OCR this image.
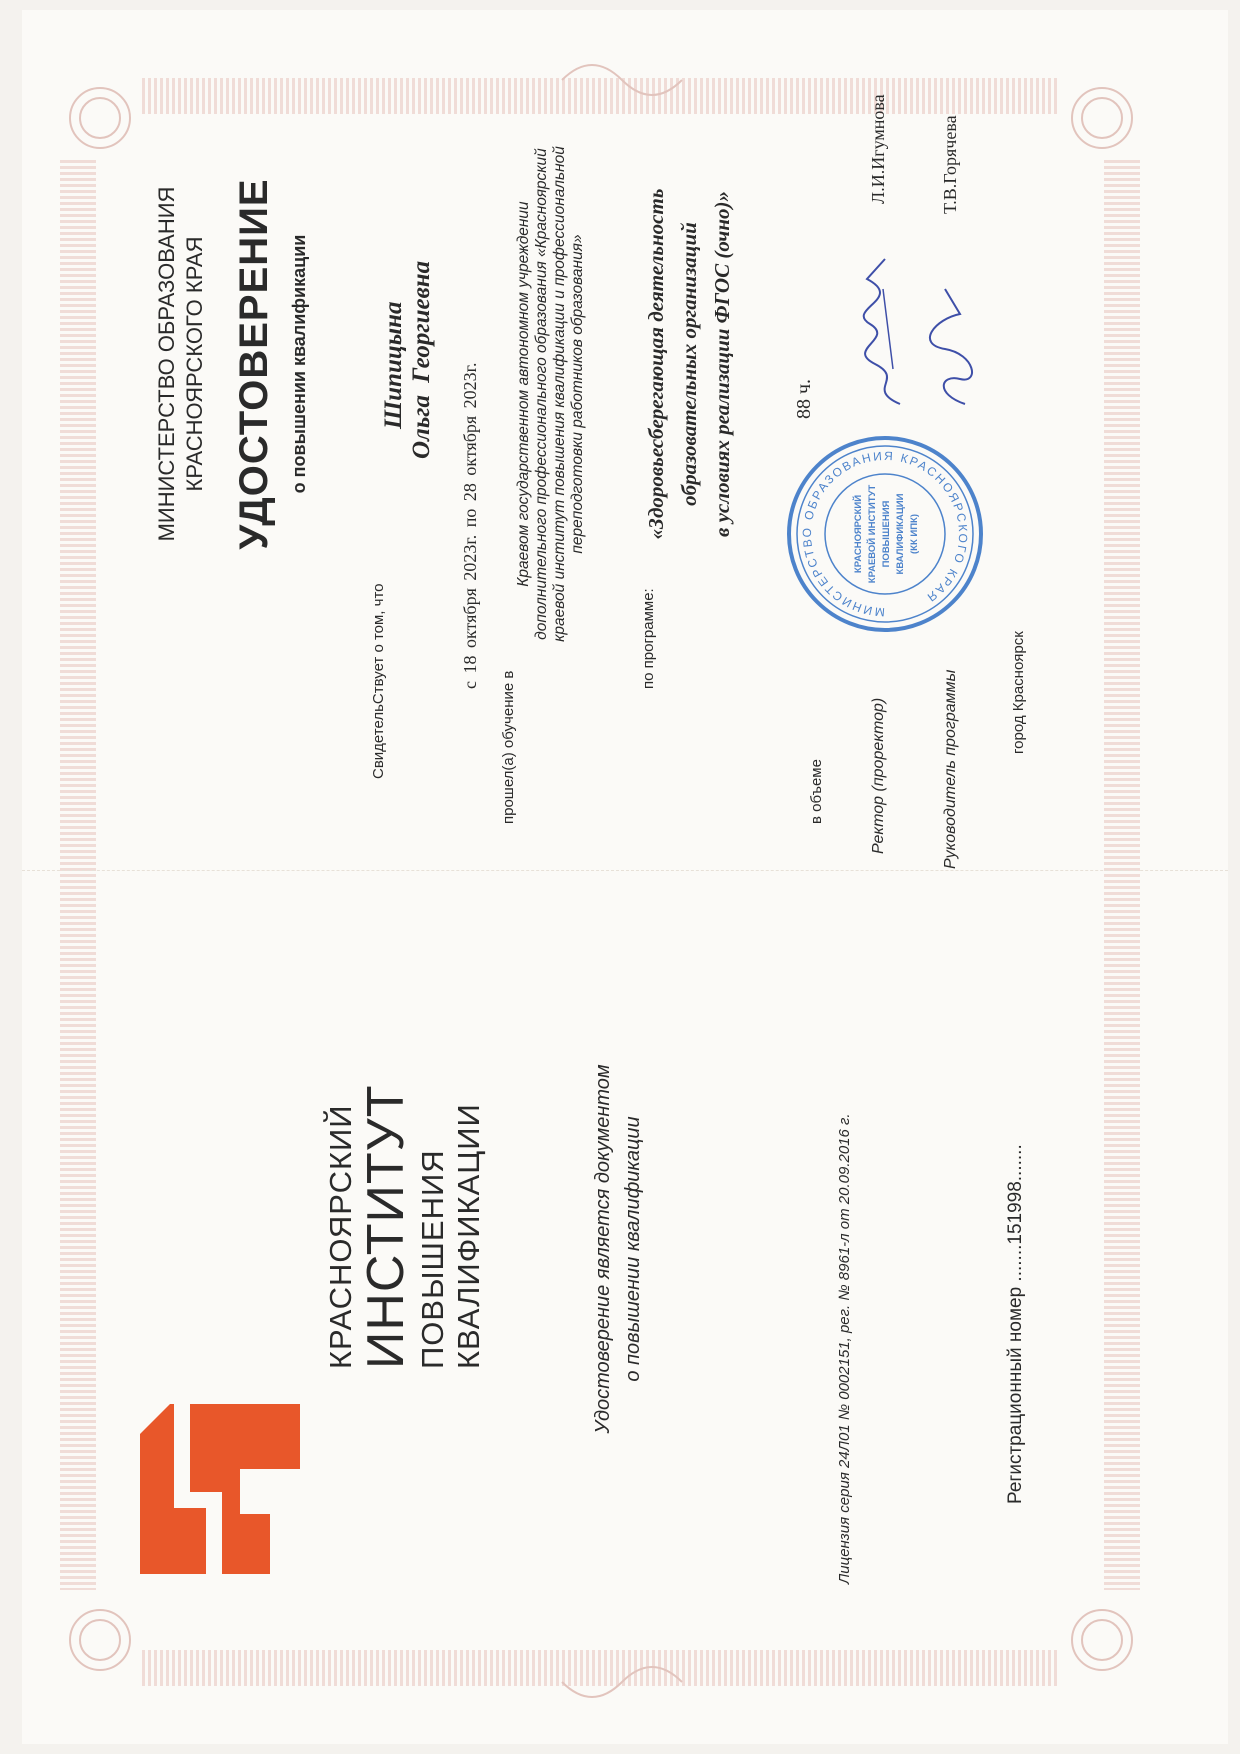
КРАСНОЯРСКИЙ ИНСТИТУТ ПОВЫШЕНИЯ КВАЛИФИКАЦИИ	Удостоверение является документом о повышении квалификации	Лицензия серия 24Л01 № 0002151, рег. № 8961-л от 20.09.2016 г.	Регистрационный номер .......151998.......
МИНИСТЕРСТВО ОБРАЗОВАНИЯ КРАСНОЯРСКОГО КРАЯ УДОСТОВЕРЕНИЕ о повышении квалификации
СвидетельСтвует о том, что
Шипицына Ольга Георгиевна
с 18 октября 2023г. по 28 октября 2023г.
прошел(а) обучение в
Краевом государственном автономном учреждении дополнительного профессионального образования «Красноярский краевой институт повышения квалификации и профессиональной переподготовки работников образования»
по программе:
«Здоровьесберегающая деятельность образовательных организаций в условиях реализации ФГОС (очно)»
в объеме
88 ч.
Ректор (проректор)
Л.И.Игумнова
Руководитель программы
Т.В.Горячева
город Красноярск
МИНИСТЕРСТВО ОБРАЗОВАНИЯ КРАСНОЯРСКОГО КРАЯ
КРАСНОЯРСКИЙ КРАЕВОЙ ИНСТИТУТ ПОВЫШЕНИЯ КВАЛИФИКАЦИИ (КК ИПК)
